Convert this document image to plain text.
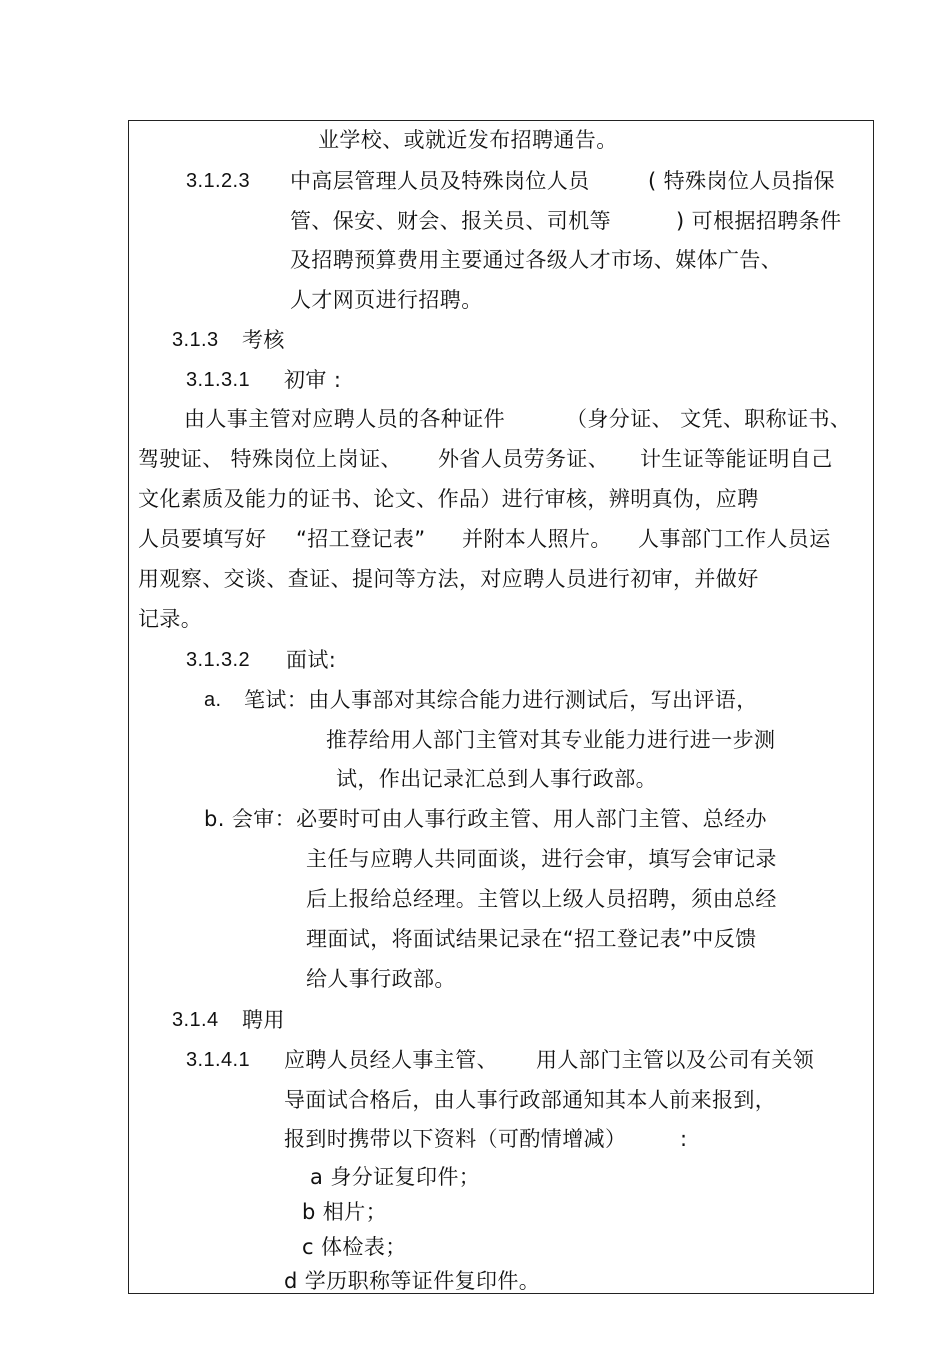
业学校、或就近发布招聘通告。
3.1.2.3 中高层管理人员及特殊岗位人员	( 特殊岗位人员指保
管、保安、财会、报关员、司机等	) 可根据招聘条件
及招聘预算费用主要通过各级人才市场、媒体广告、
人才网页进行招聘。
3.1.3 考核
3.1.3.1 初审 :
由人事主管对应聘人员的各种证件	（身分证、 文凭、职称证书、
驾驶证、 特殊岗位上岗证、 外省人员劳务证、 计生证等能证明自己
文化素质及能力的证书、论文、作品）进行审核，辨明真伪，应聘
人员要填写好 “招工登记表” 并附本人照片。 人事部门工作人员运
用观察、交谈、查证、提问等方法，对应聘人员进行初审，并做好
记录。
3.1.3.2 面试:
a. 笔试：由人事部对其综合能力进行测试后，写出评语，
推荐给用人部门主管对其专业能力进行进一步测
试，作出记录汇总到人事行政部。
b. 会审：必要时可由人事行政主管、用人部门主管、总经办
主任与应聘人共同面谈，进行会审，填写会审记录
后上报给总经理。主管以上级人员招聘，须由总经
理面试，将面试结果记录在“招工登记表”中反馈
给人事行政部。
3.1.4 聘用
3.1.4.1 应聘人员经人事主管、 用人部门主管以及公司有关领
导面试合格后，由人事行政部通知其本人前来报到，
报到时携带以下资料（可酌情增减）	:
a 身分证复印件；
b 相片；
c 体检表；
d 学历职称等证件复印件。
